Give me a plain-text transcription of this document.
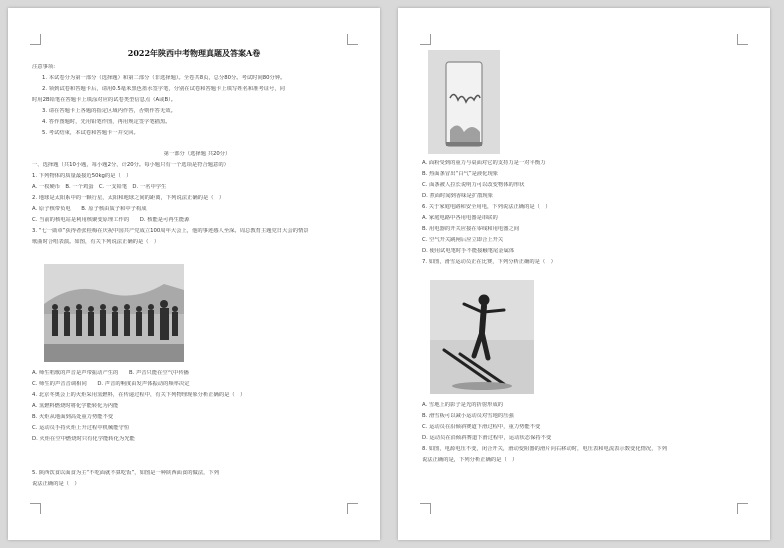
2022年陕西中考物理真题及答案A卷
注意事项:
1. 本试卷分为第一部分（选择题）和第二部分（非选择题）。全卷共8页，总分80分。考试时间80分钟。
2. 领到试卷和答题卡后，请用0.5毫米黑色墨水签字笔，分别在试卷和答题卡上填写姓名和准考证号，同
时用2B铅笔在答题卡上填涂对应的试卷类型信息点（A或B）。
3. 请在答题卡上各题的指定区域内作答，否则作答无效。
4. 答作图题时，先用铅笔作图，再用规定签字笔描黑。
5. 考试结束，本试卷和答题卡一并交回。
第一部分（选择题 共20分）
一、选择题（共10小题，每小题2分，计20分。每小题只有一个选项是符合题意的）
1. 下列物体的质量最接近50kg的是（　）
A. 一枚硬币　B. 一个鸡蛋　C. 一支铅笔　D. 一名中学生
2. 地球是太阳系中的一颗行星，太阳和地球之间的距离，下列说法正确的是（　）
A. 原子核带负电　　B. 原子核由质子和中子构成
C. 当前的核电站是利用核聚变原理工作的　　D. 核能是可再生能源
3. “七一勋章”获得者张桂梅在庆祝中国共产党成立100周年大会上，他的事迹感人至深。周总教育主题党日大会的情景
歌曲时合唱表演。如图，有关下列说法正确的是（　）
A. 师生唱歌的声音是声带振动产生的　　B. 声音只能在空气中传播
C. 师生的声音音调相同　　D. 声音的响度由发声体振动的频率决定
4. 北京冬奥会上的火炬采用氢燃料，在传递过程中，有关下列物理现象分析正确的是（　）
A. 氢燃料燃烧时将化学能转化为内能
B. 火炬从地面到高处重力势能不变
C. 运动员手持火炬上升过程中机械能守恒
D. 火炬在空中燃烧时只有化学能转化为光能
5. 陕西饮食以面食为主“不吃面就不算吃饭”，如图是一种陕西面食的做法，下列
说法正确的是（　）
A. 面粉受到的重力与桌面对它的支持力是一对平衡力
B. 热面条冒出“白气”是液化现象
C. 面条被人拉长说明力可以改变物体的形状
D. 煮面时闻到香味是扩散现象
6. 关于家庭电路和安全用电，下列说法正确的是（　）
A. 家庭电路中各用电器是串联的
B. 用电器的开关应接在零线和用电器之间
C. 空气开关跳闸后应立即合上开关
D. 使用试电笔时手不能接触笔尾金属体
7. 如图，滑雪运动员正在比赛，下列分析正确的是（　）
A. 雪地上的影子是光的折射形成的
B. 滑雪板可以减小运动员对雪地的压强
C. 运动员在沿倾斜赛道下滑过程中，重力势能不变
D. 运动员在沿倾斜赛道下滑过程中，运动状态保持不变
8. 如图，电源电压不变，闭合开关，滑动变阻器的滑片向右移动时，电压表和电流表示数变化情况，下列
说法正确的是，下列分析正确的是（　）
